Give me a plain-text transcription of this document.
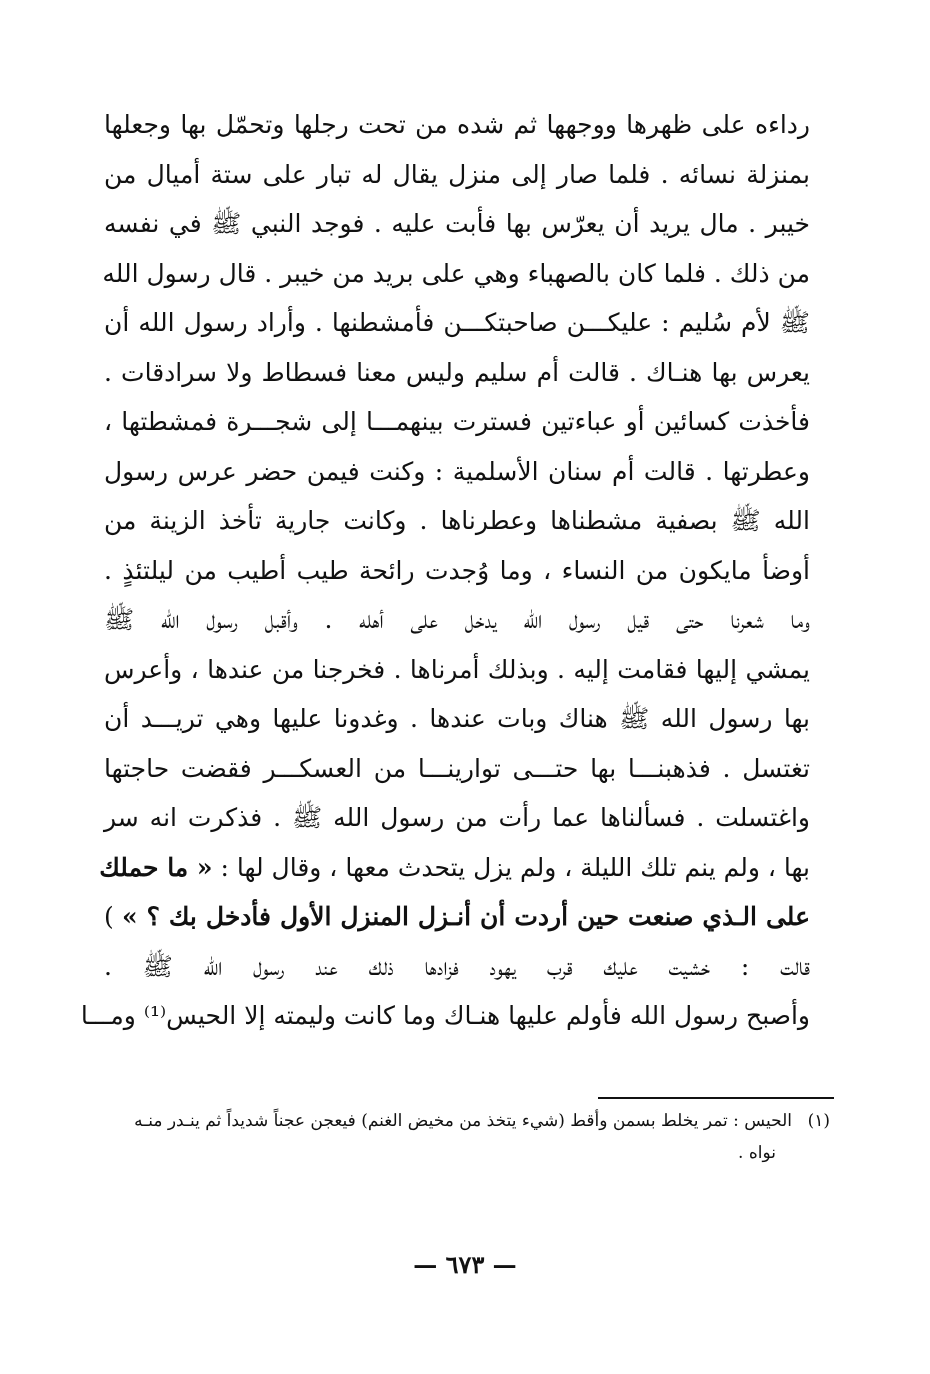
رداءه على ظهرها ووجهها ثم شده من تحت رجلها وتحمّل بها وجعلها
بمنزلة نسائه . فلما صار إلى منزل يقال له تبار على ستة أميال من
خيبر . مال يريد أن يعرّس بها فأبت عليه . فوجد النبي ﷺ في نفسه
من ذلك . فلما كان بالصهباء وهي على بريد من خيبر . قال رسول الله
ﷺ لأم سُليم : عليكـــن صاحبتكـــن فأمشطنها . وأراد رسول الله أن
يعرس بها هنـاك . قالت أم سليم وليس معنا فسطاط ولا سرادقات .
فأخذت كسائين أو عباءتين فسترت بينهمـــا إلى شجـــرة فمشطتها ،
وعطرتها . قالت أم سنان الأسلمية : وكنت فيمن حضر عرس رسول
الله ﷺ بصفية مشطناها وعطرناها . وكانت جارية تأخذ الزينة من
أوضأ مايكون من النساء ، وما وُجدت رائحة طيب أطيب من ليلتئذٍ .
وما شعرنا حتى قيل رسول الله يدخل على أهله . وأقبل رسول الله ﷺ
يمشي إليها فقامت إليه . وبذلك أمرناها . فخرجنا من عندها ، وأعرس
بها رسول الله ﷺ هناك وبات عندها . وغدونا عليها وهي تريـــد أن
تغتسل . فذهبنـــا بها حتـــى توارينـــا من العسكـــر فقضت حاجتها
واغتسلت . فسألناها عما رأت من رسول الله ﷺ . فذكرت انه سر
بها ، ولم ينم تلك الليلة ، ولم يزل يتحدث معها ، وقال لها : « ما حملك
على الـذي صنعت حين أردت أن أنـزل المنزل الأول فأدخل بك ؟ » )
قالت : خشيت عليك قرب يهود فزادها ذلك عند رسول الله ﷺ .
وأصبح رسول الله فأولم عليها هنـاك وما كانت وليمته إلا الحيس⁽¹⁾ ومـــا
(١)
الحيس : تمر يخلط بسمن وأقط (شيء يتخذ من مخيض الغنم) فيعجن عجناً شديداً ثم ينـدر منـه
نواه .
— ٦٧٣ —
